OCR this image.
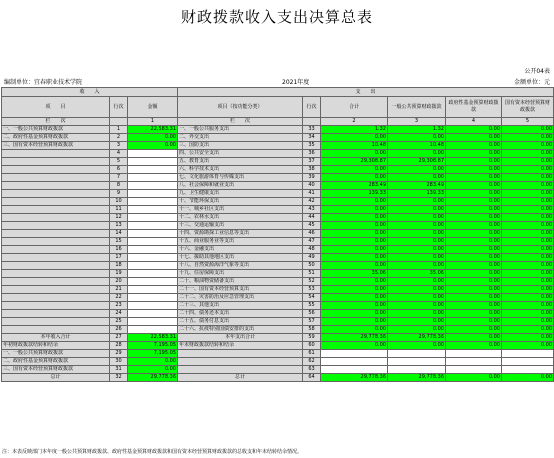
财政拨款收入支出决算总表
公开04表
编制单位：宜春职业技术学院	2021年度	金额单位：元
收　　入			支　　出					
项　　目	行次	金额	项目（按功能分类）	行次	合计	一般公共预算财政拨款	政府性基金预算财政拨款	国有资本经营预算财政拨款
栏　　次		1	栏　　次		2	3	4	5
一、一般公共预算财政拨款	1	22,583.31	一、一般公共服务支出	33	1.32	1.32	0.00	0.00
二、政府性基金预算财政拨款	2	0.00	二、外交支出	34	0.00	0.00	0.00	0.00
三、国有资本经营预算财政拨款	3	0.00	三、国防支出	35	10.48	10.48	0.00	0.00
	4		四、公共安全支出	36	0.00	0.00	0.00	0.00
	5		五、教育支出	37	29,308.87	29,308.87	0.00	0.00
	6		六、科学技术支出	38	0.00	0.00	0.00	0.00
	7		七、文化旅游体育与传媒支出	39	0.00	0.00	0.00	0.00
	8		八、社会保障和就业支出	40	283.49	283.49	0.00	0.00
	9		九、卫生健康支出	41	139.33	139.33	0.00	0.00
	10		十、节能环保支出	42	0.00	0.00	0.00	0.00
	11		十一、城乡社区支出	43	0.00	0.00	0.00	0.00
	12		十二、农林水支出	44	0.00	0.00	0.00	0.00
	13		十三、交通运输支出	45	0.00	0.00	0.00	0.00
	14		十四、资源勘探工业信息等支出	46	0.00	0.00	0.00	0.00
	15		十五、商业服务业等支出	47	0.00	0.00	0.00	0.00
	16		十六、金融支出	48	0.00	0.00	0.00	0.00
	17		十七、援助其他地区支出	49	0.00	0.00	0.00	0.00
	18		十八、自然资源海洋气象等支出	50	0.00	0.00	0.00	0.00
	19		十九、住房保障支出	51	35.06	35.06	0.00	0.00
	20		二十、粮油物资储备支出	52	0.00	0.00	0.00	0.00
	21		二十一、国有资本经营预算支出	53	0.00	0.00	0.00	0.00
	22		二十二、灾害防治及应急管理支出	54	0.00	0.00	0.00	0.00
	23		二十三、其他支出	55	0.00	0.00	0.00	0.00
	24		二十四、债务还本支出	56	0.00	0.00	0.00	0.00
	25		二十五、债务付息支出	57	0.00	0.00	0.00	0.00
	26		二十六、抗疫特别国债安排的支出	58	0.00	0.00	0.00	0.00
本年收入合计	27	22,583.31	本年支出合计	59	29,778.36	29,778.36	0.00	0.00
年初财政拨款结转和结余	28	7,195.05	年末财政拨款结转和结余	60	0.00	0.00	0.00	0.00
一、一般公共预算财政拨款	29	7,195.05		61				
二、政府性基金预算财政拨款	30	0.00		62				
三、国有资本经营预算财政拨款	31	0.00		63				
总计	32	29,778.36	总计	64	29,778.36	29,778.36	0.00	0.00
注：本表反映部门本年度一般公共预算财政拨款、政府性基金预算财政拨款和国有资本经营预算财政拨款的总收支和年末结转结余情况。
